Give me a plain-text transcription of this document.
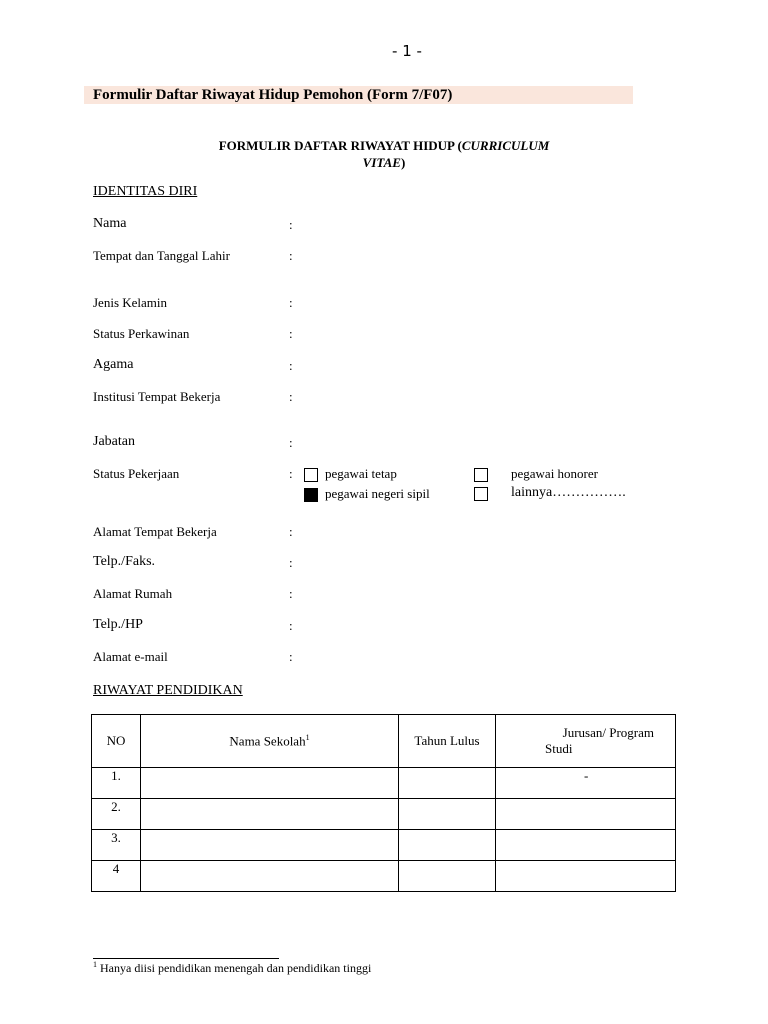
- 1 -
Formulir Daftar Riwayat Hidup Pemohon (Form 7/F07)
FORMULIR DAFTAR RIWAYAT HIDUP (CURRICULUM
VITAE)
IDENTITAS DIRI
Nama	:
Tempat dan Tanggal Lahir	:
Jenis Kelamin	:
Status Perkawinan	:
Agama	:
Institusi Tempat Bekerja	:
Jabatan	:
Status Pekerjaan	: pegawai tetap	pegawai honorer
pegawai negeri sipil	lainnya…………….
Alamat Tempat Bekerja	:
Telp./Faks.	:
Alamat Rumah	:
Telp./HP	:
Alamat e-mail	:
RIWAYAT PENDIDIKAN
NO	Nama Sekolah$^1$	Tahun Lulus	Jurusan/ Program
Studi

1.			-
2.			
3.			
4			
$^1$ Hanya diisi pendidikan menengah dan pendidikan tinggi
